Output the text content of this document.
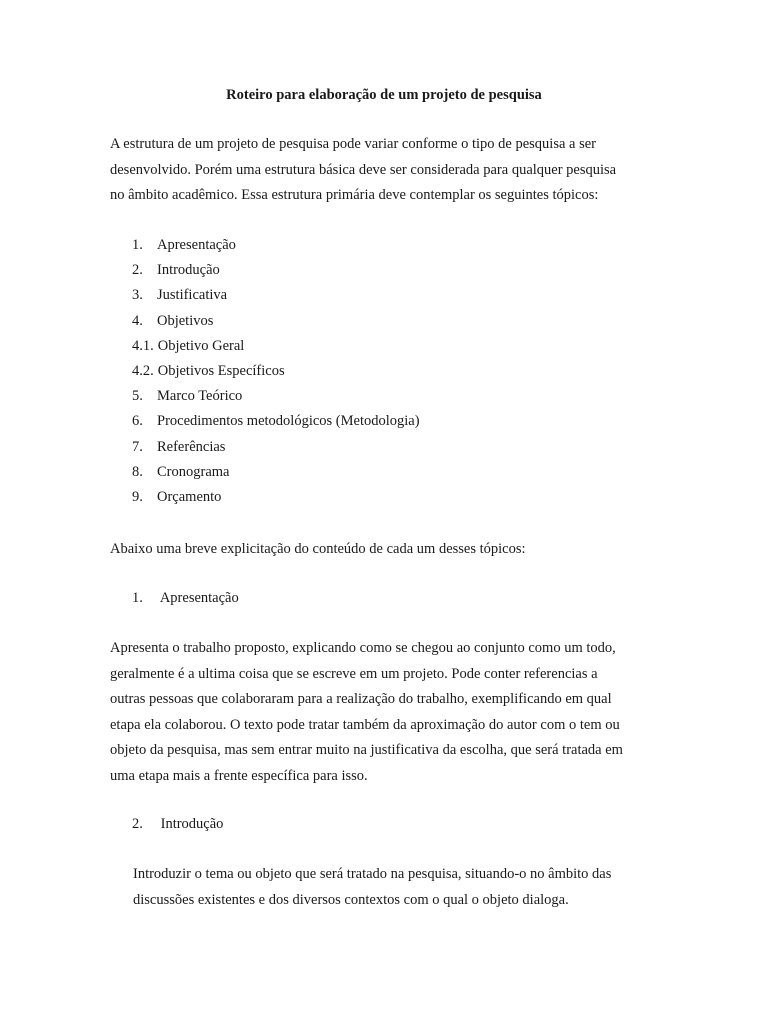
Roteiro para elaboração de um projeto de pesquisa
A estrutura de um projeto de pesquisa pode variar conforme o tipo de pesquisa a ser
desenvolvido. Porém uma estrutura básica deve ser considerada para qualquer pesquisa
no âmbito acadêmico. Essa estrutura primária deve contemplar os seguintes tópicos:
1. Apresentação
2. Introdução
3. Justificativa
4. Objetivos
4.1. Objetivo Geral
4.2. Objetivos Específicos
5. Marco Teórico
6. Procedimentos metodológicos (Metodologia)
7. Referências
8. Cronograma
9. Orçamento
Abaixo uma breve explicitação do conteúdo de cada um desses tópicos:
1. Apresentação
Apresenta o trabalho proposto, explicando como se chegou ao conjunto como um todo,
geralmente é a ultima coisa que se escreve em um projeto. Pode conter referencias a
outras pessoas que colaboraram para a realização do trabalho, exemplificando em qual
etapa ela colaborou. O texto pode tratar também da aproximação do autor com o tem ou
objeto da pesquisa, mas sem entrar muito na justificativa da escolha, que será tratada em
uma etapa mais a frente específica para isso.
2. Introdução
Introduzir o tema ou objeto que será tratado na pesquisa, situando-o no âmbito das
discussões existentes e dos diversos contextos com o qual o objeto dialoga.
